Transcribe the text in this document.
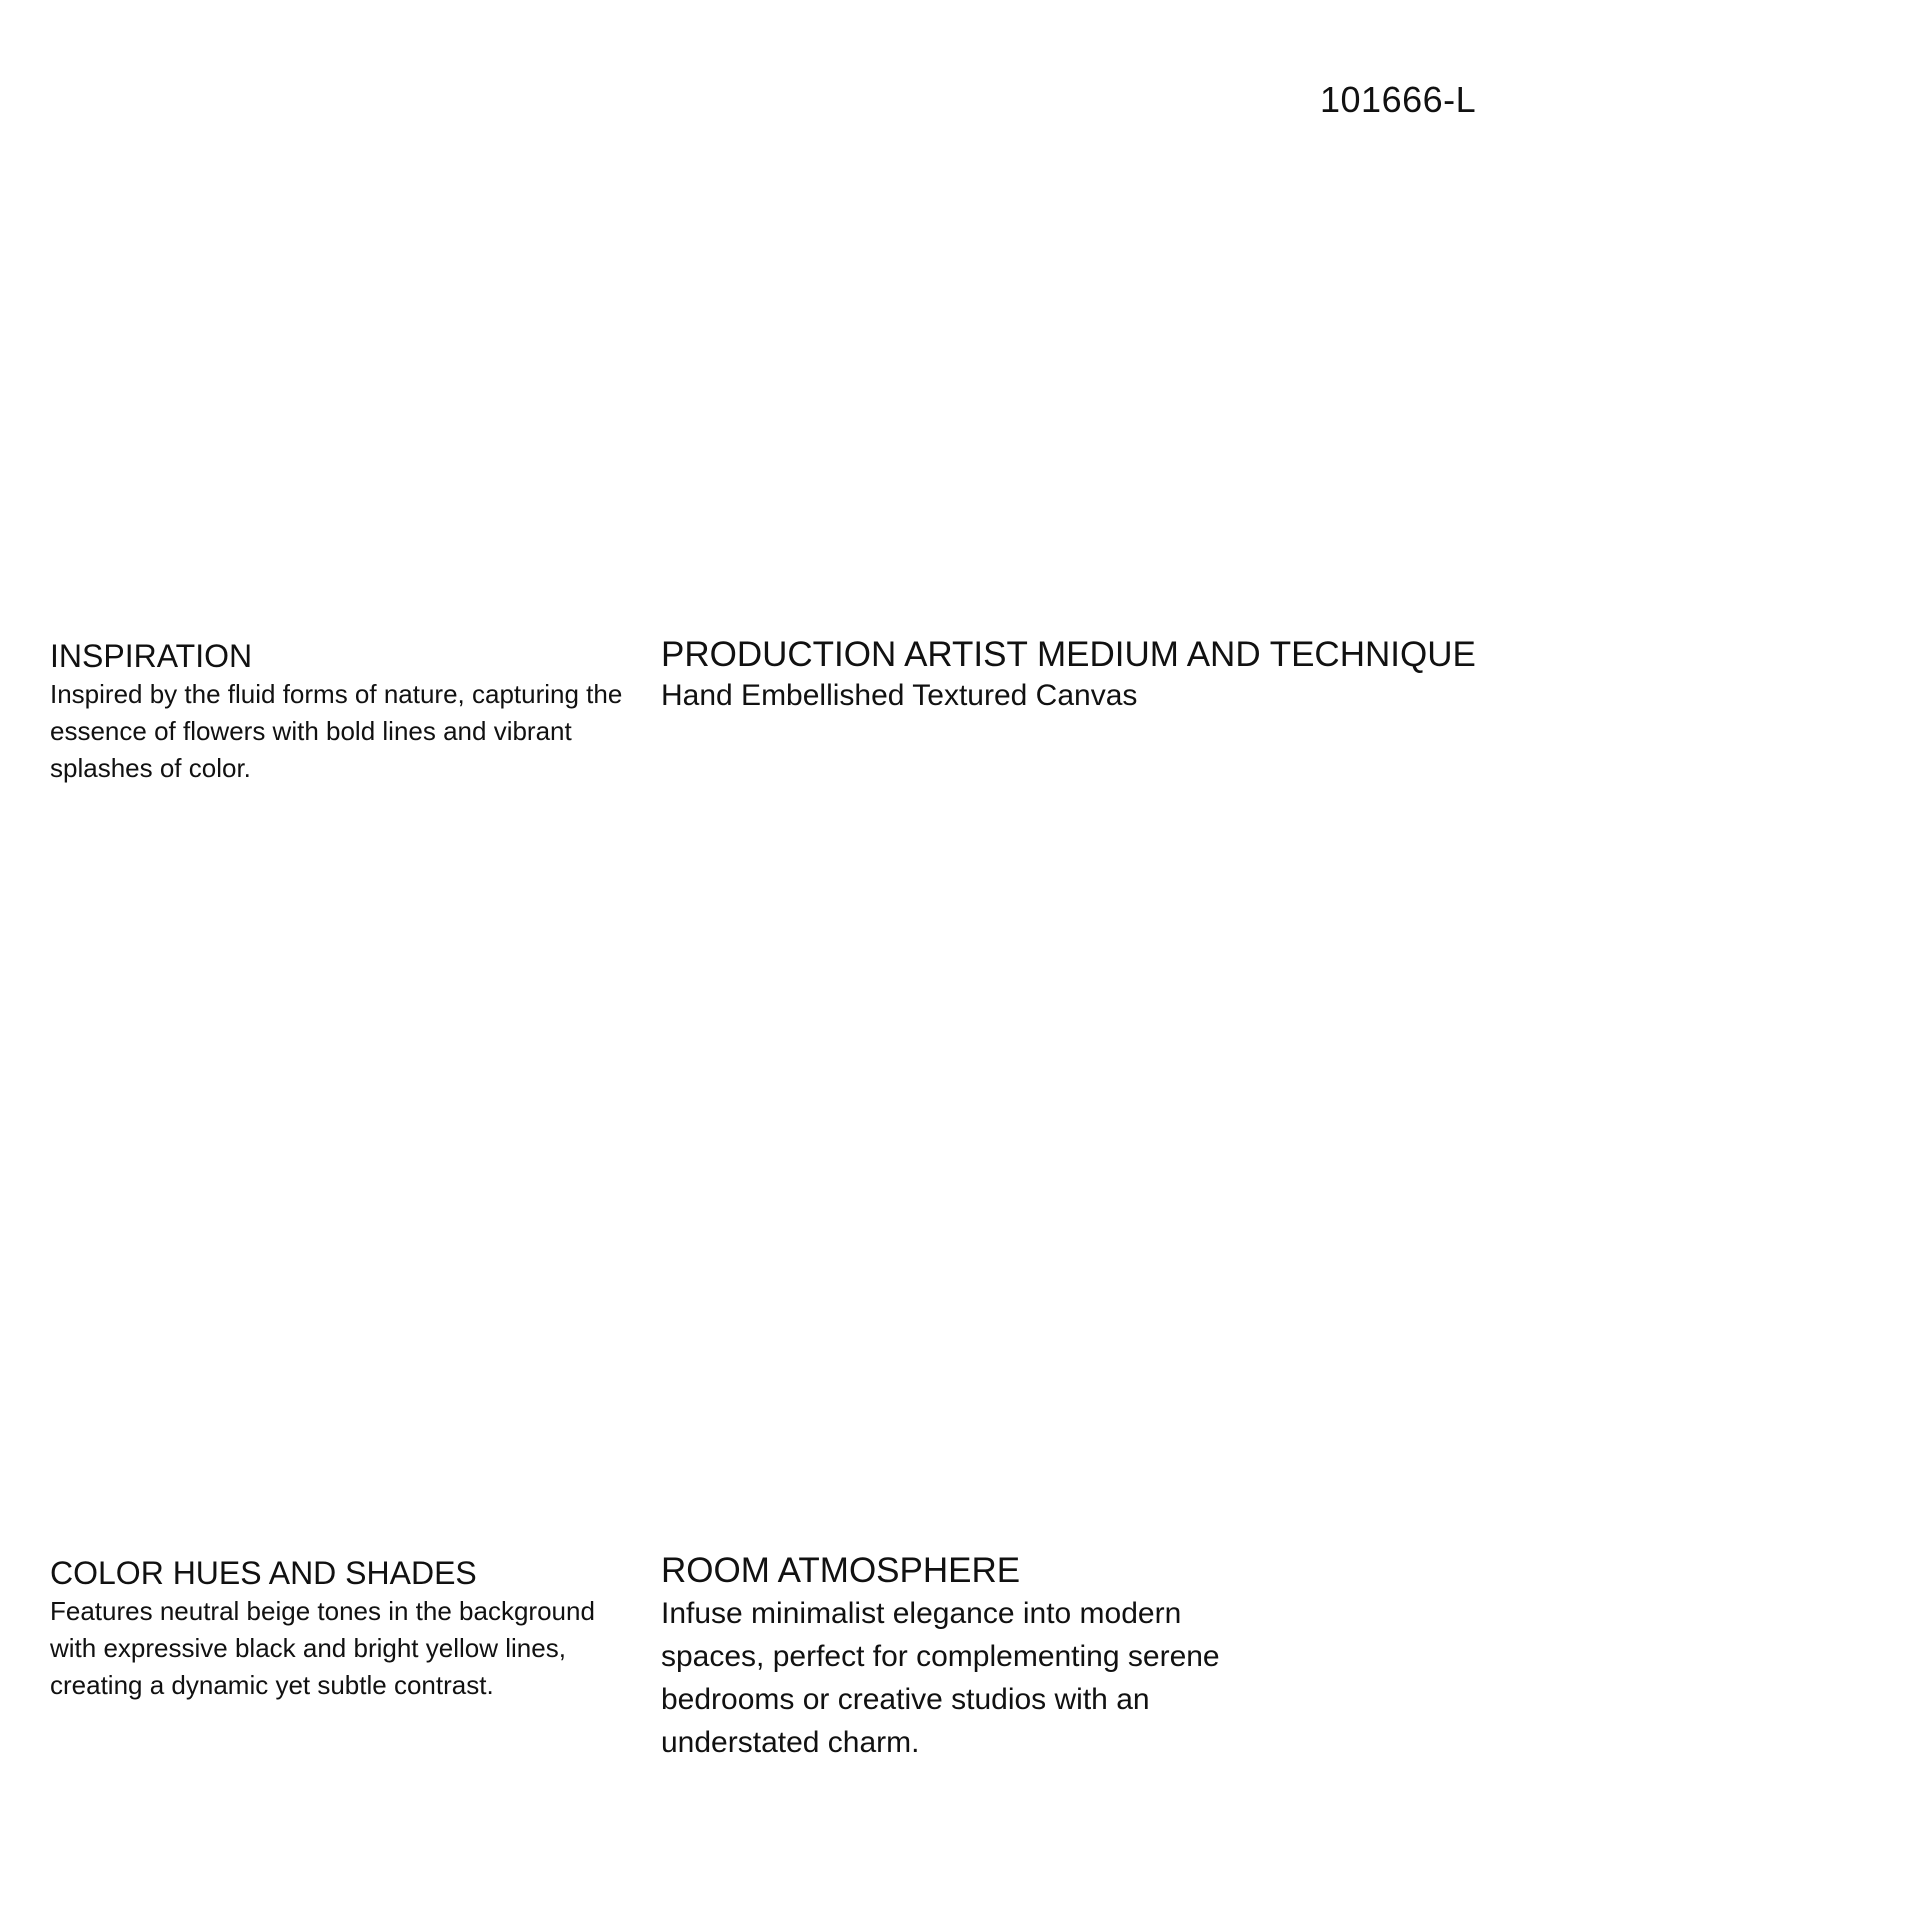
101666-L
INSPIRATION

Inspired by the fluid forms of nature, capturing the essence of flowers with bold lines and vibrant splashes of color.

PRODUCTION ARTIST MEDIUM AND TECHNIQUE

Hand Embellished Textured Canvas

COLOR HUES AND SHADES

Features neutral beige tones in the background with expressive black and bright yellow lines, creating a dynamic yet subtle contrast.

ROOM ATMOSPHERE

Infuse minimalist elegance into modern spaces, perfect for complementing serene bedrooms or creative studios with an understated charm.
